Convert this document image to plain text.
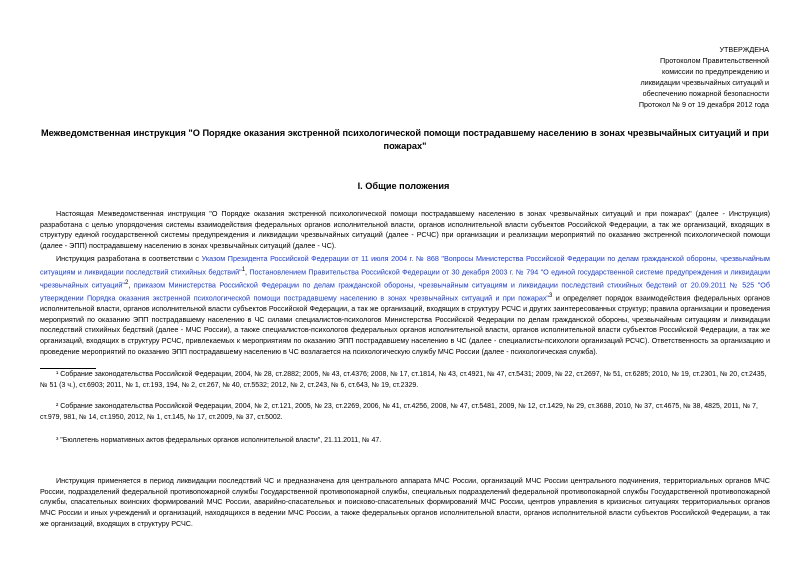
УТВЕРЖДЕНА
Протоколом Правительственной
комиссии по предупреждению и
ликвидации чрезвычайных ситуаций и
обеспечению пожарной безопасности
Протокол № 9 от 19 декабря 2012 года
Межведомственная инструкция "О Порядке оказания экстренной психологической помощи пострадавшему населению в зонах чрезвычайных ситуаций и при пожарах"
I. Общие положения

Настоящая Межведомственная инструкция "О Порядке оказания экстренной психологической помощи пострадавшему населению в зонах чрезвычайных ситуаций и при пожарах" (далее - Инструкция) разработана с целью упорядочения системы взаимодействия федеральных органов исполнительной власти, органов исполнительной власти субъектов Российской Федерации, а так же организаций, входящих в структуру единой государственной системы предупреждения и ликвидации чрезвычайных ситуаций (далее - РСЧС) при организации и реализации мероприятий по оказанию экстренной психологической помощи (далее - ЭПП) пострадавшему населению в зонах чрезвычайных ситуаций (далее - ЧС).

Инструкция разработана в соответствии с Указом Президента Российской Федерации от 11 июля 2004 г. № 868 "Вопросы Министерства Российской Федерации по делам гражданской обороны, чрезвычайным ситуациям и ликвидации последствий стихийных бедствий"$^1$, Постановлением Правительства Российской Федерации от 30 декабря 2003 г. № 794 "О единой государственной системе предупреждения и ликвидации чрезвычайных ситуаций"$^2$, приказом Министерства Российской Федерации по делам гражданской обороны, чрезвычайным ситуациям и ликвидации последствий стихийных бедствий от 20.09.2011 № 525 "Об утверждении Порядка оказания экстренной психологической помощи пострадавшему населению в зонах чрезвычайных ситуаций и при пожарах"$^3$ и определяет порядок взаимодействия федеральных органов исполнительной власти, органов исполнительной власти субъектов Российской Федерации, а так же организаций, входящих в структуру РСЧС и других заинтересованных структур; правила организации и проведения мероприятий по оказанию ЭПП пострадавшему населению в ЧС силами специалистов-психологов Министерства Российской Федерации по делам гражданской обороны, чрезвычайным ситуациям и ликвидации последствий стихийных бедствий (далее - МЧС России), а также специалистов-психологов федеральных органов исполнительной власти, органов исполнительной власти субъектов Российской Федерации, а так же организаций, входящих в структуру РСЧС, привлекаемых к мероприятиям по оказанию ЭПП пострадавшему населению в ЧС (далее - специалисты-психологи организаций РСЧС). Ответственность за организацию и проведение мероприятий по оказанию ЭПП пострадавшему населению в ЧС возлагается на психологическую службу МЧС России (далее - психологическая служба).

¹ Собрание законодательства Российской Федерации, 2004, № 28, ст.2882; 2005, № 43, ст.4376; 2008, № 17, ст.1814, № 43, ст.4921, № 47, ст.5431; 2009, № 22, ст.2697, № 51, ст.6285; 2010, № 19, ст.2301, № 20, ст.2435, № 51 (3 ч.), ст.6903; 2011, № 1, ст.193, 194, № 2, ст.267, № 40, ст.5532; 2012, № 2, ст.243, № 6, ст.643, № 19, ст.2329.
² Собрание законодательства Российской Федерации, 2004, № 2, ст.121, 2005, № 23, ст.2269, 2006, № 41, ст.4256, 2008, № 47, ст.5481, 2009, № 12, ст.1429, № 29, ст.3688, 2010, № 37, ст.4675, № 38, 4825, 2011, № 7, ст.979, 981, № 14, ст.1950, 2012, № 1, ст.145, № 17, ст.2009, № 37, ст.5002.
³ "Бюллетень нормативных актов федеральных органов исполнительной власти", 21.11.2011, № 47.

Инструкция применяется в период ликвидации последствий ЧС и предназначена для центрального аппарата МЧС России, организаций МЧС России центрального подчинения, территориальных органов МЧС России, подразделений федеральной противопожарной службы Государственной противопожарной службы, специальных подразделений федеральной противопожарной службы Государственной противопожарной службы, спасательных воинских формирований МЧС России, аварийно-спасательных и поисково-спасательных формирований МЧС России, центров управления в кризисных ситуациях территориальных органов МЧС России и иных учреждений и организаций, находящихся в ведении МЧС России, а также федеральных органов исполнительной власти, органов исполнительной власти субъектов Российской Федерации, а так же организаций, входящих в структуру РСЧС.
